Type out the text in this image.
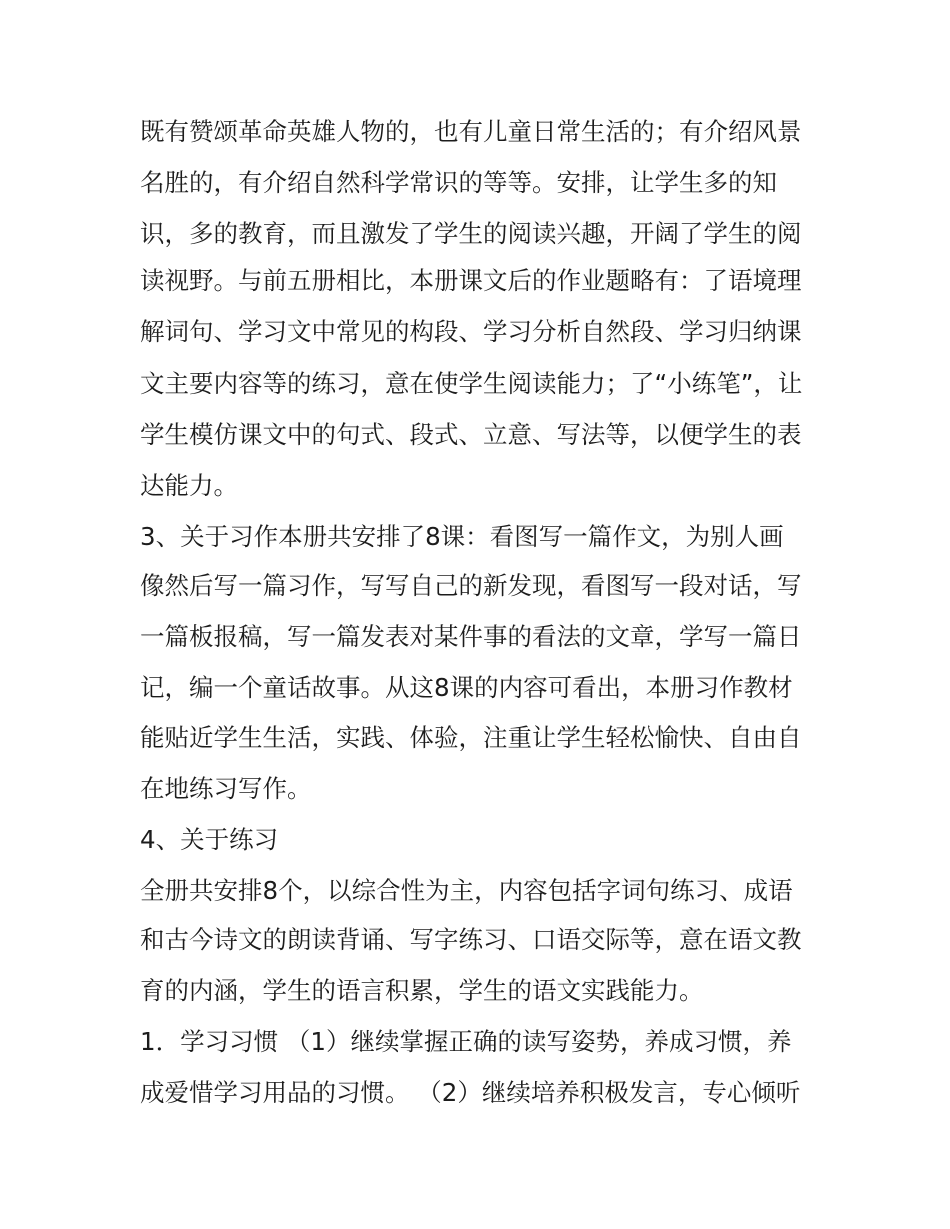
既有赞颂革命英雄人物的，也有儿童日常生活的；有介绍风景
名胜的，有介绍自然科学常识的等等。安排，让学生多的知
识，多的教育，而且激发了学生的阅读兴趣，开阔了学生的阅
读视野。与前五册相比，本册课文后的作业题略有：了语境理
解词句、学习文中常见的构段、学习分析自然段、学习归纳课
文主要内容等的练习，意在使学生阅读能力；了“小练笔”，让
学生模仿课文中的句式、段式、立意、写法等，以便学生的表
达能力。
3、关于习作本册共安排了8课：看图写一篇作文，为别人画
像然后写一篇习作，写写自己的新发现，看图写一段对话，写
一篇板报稿，写一篇发表对某件事的看法的文章，学写一篇日
记，编一个童话故事。从这8课的内容可看出，本册习作教材
能贴近学生生活，实践、体验，注重让学生轻松愉快、自由自
在地练习写作。
4、关于练习
全册共安排8个，以综合性为主，内容包括字词句练习、成语
和古今诗文的朗读背诵、写字练习、口语交际等，意在语文教
育的内涵，学生的语言积累，学生的语文实践能力。
1．学习习惯 （1）继续掌握正确的读写姿势，养成习惯，养
成爱惜学习用品的习惯。 （2）继续培养积极发言，专心倾听
